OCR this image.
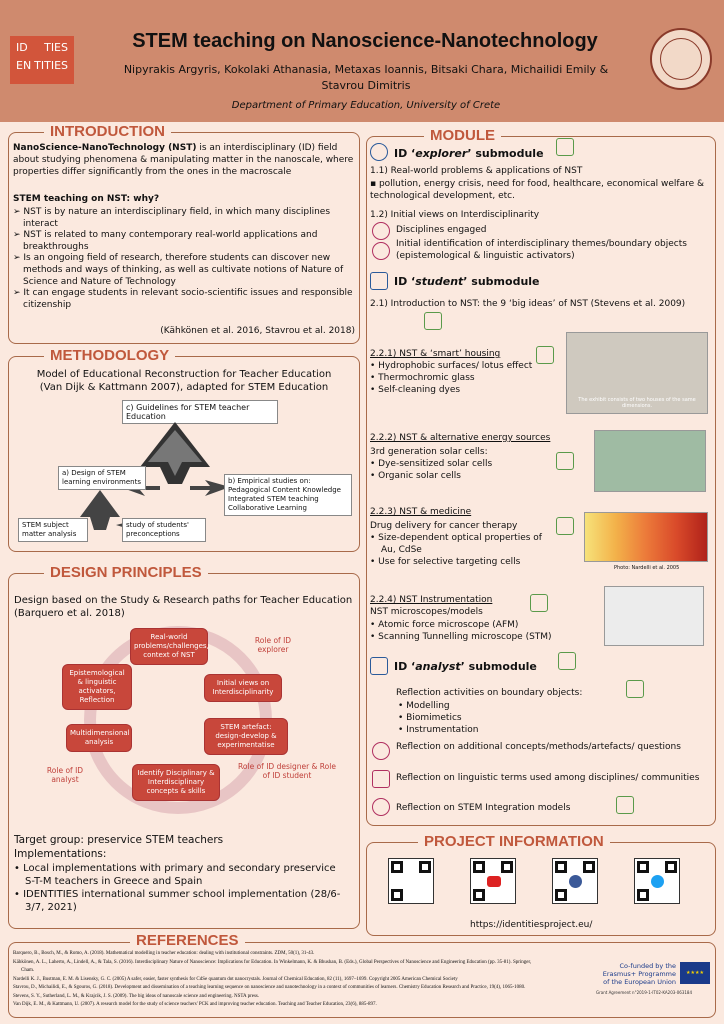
ID TIES
EN TITIES
STEM teaching on Nanoscience-Nanotechnology
Nipyrakis Argyris, Kokolaki Athanasia, Metaxas Ioannis, Bitsaki Chara, Michailidi Emily &
Stavrou Dimitris
Department of Primary Education, University of Crete
INTRODUCTION
NanoScience-NanoTechnology (NST) is an interdisciplinary (ID) field about studying phenomena & manipulating matter in the nanoscale, where properties differ significantly from the ones in the macroscale
STEM teaching on NST: why?
➢ NST is by nature an interdisciplinary field, in which many disciplines interact
➢ NST is related to many contemporary real-world applications and breakthroughs
➢ Is an ongoing field of research, therefore students can discover new methods and ways of thinking, as well as cultivate notions of Nature of Science and Nature of Technology
➢ It can engage students in relevant socio-scientific issues and responsible citizenship
(Kähkönen et al. 2016, Stavrou et al. 2018)
METHODOLOGY
Model of Educational Reconstruction for Teacher Education
(Van Dijk & Kattmann 2007), adapted for STEM Education
c) Guidelines for STEM teacher Education
a) Design of STEM learning environments	b) Empirical studies on: Pedagogical Content Knowledge Integrated STEM teaching Collaborative Learning
STEM subject matter analysis
study of students' preconceptions
DESIGN PRINCIPLES
Design based on the Study & Research paths for Teacher Education (Barquero et al. 2018)
Real-world problems/challenges, context of NST
Initial views on Interdisciplinarity
STEM artefact: design-develop & experimentatise
Identify Disciplinary & Interdisciplinary concepts & skills
Multidimensional analysis
Epistemological & linguistic activators, Reflection
Role of ID explorer
Role of ID designer & Role of ID student
Role of ID analyst
Target group: preservice STEM teachers
Implementations:
• Local implementations with primary and secondary preservice S-T-M teachers in Greece and Spain
• IDENTITIES international summer school implementation (28/6-3/7, 2021)
MODULE
ID ‘explorer’ submodule
1.1) Real-world problems & applications of NST
▪ pollution, energy crisis, need for food, healthcare, economical welfare & technological development, etc.
1.2) Initial views on Interdisciplinarity
Disciplines engaged
Initial identification of interdisciplinary themes/boundary objects (epistemological & linguistic activators)
ID ‘student’ submodule
2.1) Introduction to NST: the 9 ‘big ideas’ of NST (Stevens et al. 2009)
2.2.1) NST & ‘smart’ housing
• Hydrophobic surfaces/ lotus effect
• Thermochromic glass
• Self-cleaning dyes
The exhibit consists of two houses of the same dimensions.
2.2.2) NST & alternative energy sources
3rd generation solar cells:
• Dye-sensitized solar cells
• Organic solar cells
2.2.3) NST & medicine
Drug delivery for cancer therapy
• Size-dependent optical properties of Au, CdSe
• Use for selective targeting cells
Photo: Nardelli et al. 2005
2.2.4) NST Instrumentation
NST microscopes/models
• Atomic force microscope (AFM)
• Scanning Tunnelling microscope (STM)
ID ‘analyst’ submodule
Reflection activities on boundary objects:
• Modelling
• Biomimetics
• Instrumentation
Reflection on additional concepts/methods/artefacts/ questions
Reflection on linguistic terms used among disciplines/ communities
Reflection on STEM Integration models
PROJECT INFORMATION
https://identitiesproject.eu/
REFERENCES
Barquero, B., Bosch, M., & Romo, A. (2018). Mathematical modelling in teacher education: dealing with institutional constraints. ZDM, 50(1), 31-43.
Kähkönen, A. L., Laherto, A., Lindell, A., & Tala, S. (2016). Interdisciplinary Nature of Nanoscience: Implications for Education. In Winkelmann, K. & Bhushan, B. (Eds.), Global Perspectives of Nanoscience and Engineering Education (pp. 35-81). Springer,
Cham.
Nardelli K. J., Bustman, E. M. & Lisensky, G. C. (2005) A safer, easier, faster synthesis for CdSe quantum dot nanocrystals. Journal of Chemical Education, 82 (11), 1697–1699. Copyright 2005 American Chemical Society
Stavrou, D., Michailidi, E., & Sgouros, G. (2018). Development and dissemination of a teaching learning sequence on nanoscience and nanotechnology in a context of communities of learners. Chemistry Education Research and Practice, 19(4), 1065-1080.
Stevens, S. Y., Sutherland, L. M., & Krajcik, J. S. (2009). The big ideas of nanoscale science and engineering. NSTA press.
Van Dijk, E. M., & Kattmann, U. (2007). A research model for the study of science teachers' PCK and improving teacher education. Teaching and Teacher Education, 23(6), 885-897.
Co-funded by the
Erasmus+ Programme
of the European Union
★★★★
Grant Agreement n°2019-1-IT02-KA203-063184
